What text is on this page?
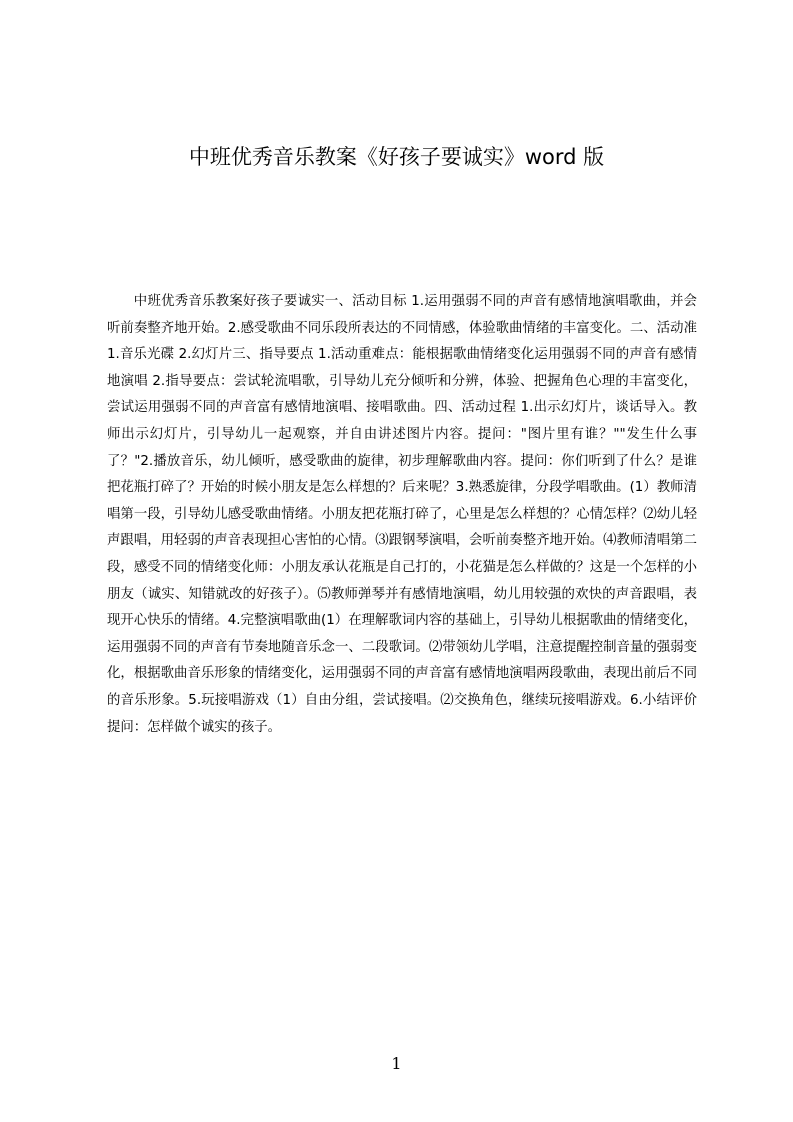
中班优秀音乐教案《好孩子要诚实》word 版

中班优秀音乐教案好孩子要诚实一、活动目标 1.运用强弱不同的声音有感情地演唱歌曲，并会听前奏整齐地开始。2.感受歌曲不同乐段所表达的不同情感，体验歌曲情绪的丰富变化。二、活动准 1.音乐光碟 2.幻灯片三、指导要点 1.活动重难点：能根据歌曲情绪变化运用强弱不同的声音有感情地演唱 2.指导要点：尝试轮流唱歌，引导幼儿充分倾听和分辨，体验、把握角色心理的丰富变化，尝试运用强弱不同的声音富有感情地演唱、接唱歌曲。四、活动过程 1.出示幻灯片，谈话导入。教师出示幻灯片，引导幼儿一起观察，并自由讲述图片内容。提问："图片里有谁？""发生什么事了？"2.播放音乐，幼儿倾听，感受歌曲的旋律，初步理解歌曲内容。提问：你们听到了什么？是谁把花瓶打碎了？开始的时候小朋友是怎么样想的？后来呢？3.熟悉旋律，分段学唱歌曲。(1）教师清唱第一段，引导幼儿感受歌曲情绪。小朋友把花瓶打碎了，心里是怎么样想的？心情怎样？⑵幼儿轻声跟唱，用轻弱的声音表现担心害怕的心情。⑶跟钢琴演唱，会听前奏整齐地开始。⑷教师清唱第二段，感受不同的情绪变化师：小朋友承认花瓶是自己打的，小花猫是怎么样做的？这是一个怎样的小朋友（诚实、知错就改的好孩子）。⑸教师弹琴并有感情地演唱，幼儿用较强的欢快的声音跟唱，表现开心快乐的情绪。4.完整演唱歌曲(1）在理解歌词内容的基础上，引导幼儿根据歌曲的情绪变化，运用强弱不同的声音有节奏地随音乐念一、二段歌词。⑵带领幼儿学唱，注意提醒控制音量的强弱变化，根据歌曲音乐形象的情绪变化，运用强弱不同的声音富有感情地演唱两段歌曲，表现出前后不同的音乐形象。5.玩接唱游戏（1）自由分组，尝试接唱。⑵交换角色，继续玩接唱游戏。6.小结评价提问：怎样做个诚实的孩子。

1
